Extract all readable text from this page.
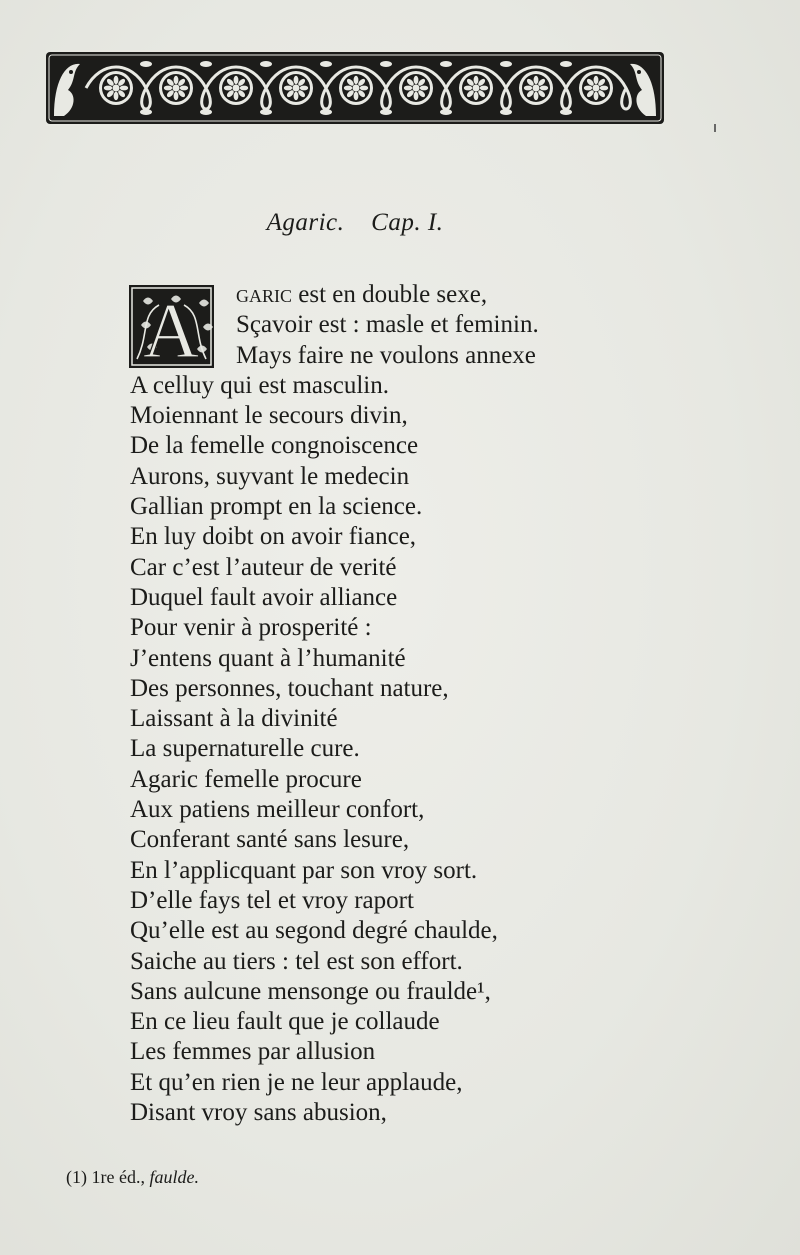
Agaric. Cap. I.
A	garic est en double sexe,
Sçavoir est : masle et feminin.
Mays faire ne voulons annexe
A celluy qui est masculin.
Moiennant le secours divin,
De la femelle congnoiscence
Aurons, suyvant le medecin
Gallian prompt en la science.
En luy doibt on avoir fiance,
Car c’est l’auteur de verité
Duquel fault avoir alliance
Pour venir à prosperité :
J’entens quant à l’humanité
Des personnes, touchant nature,
Laissant à la divinité
La supernaturelle cure.
Agaric femelle procure
Aux patiens meilleur confort,
Conferant santé sans lesure,
En l’applicquant par son vroy sort.
D’elle fays tel et vroy raport
Qu’elle est au segond degré chaulde,
Saiche au tiers : tel est son effort.
Sans aulcune mensonge ou fraulde¹,
En ce lieu fault que je collaude
Les femmes par allusion
Et qu’en rien je ne leur applaude,
Disant vroy sans abusion,
(1) 1re éd., faulde.
